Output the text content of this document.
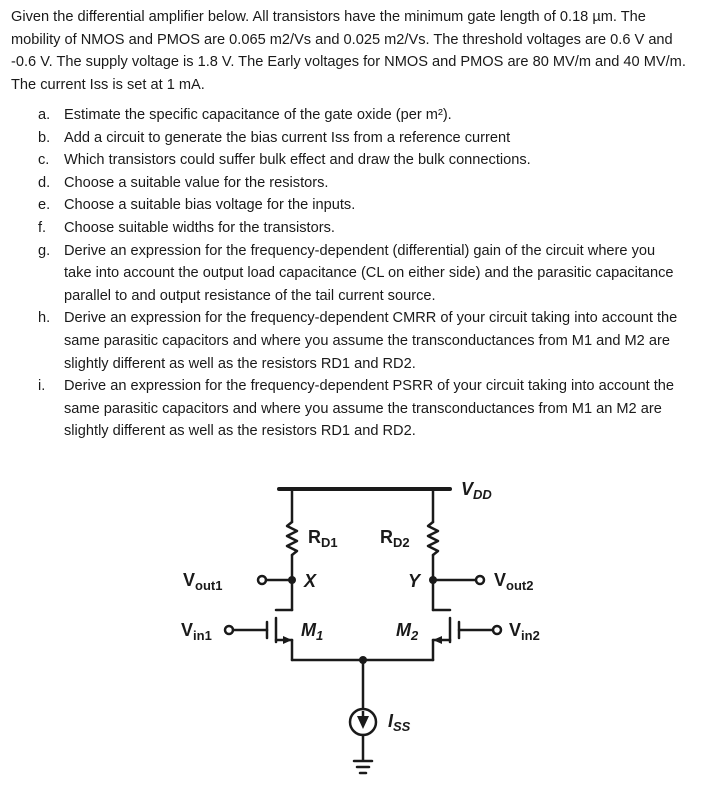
Given the differential amplifier below. All transistors have the minimum gate length of 0.18 µm. The mobility of NMOS and PMOS are 0.065 m2/Vs and 0.025 m2/Vs. The threshold voltages are 0.6 V and -0.6 V. The supply voltage is 1.8 V. The Early voltages for NMOS and PMOS are 80 MV/m and 40 MV/m. The current Iss is set at 1 mA.

a. Estimate the specific capacitance of the gate oxide (per m²).
b. Add a circuit to generate the bias current Iss from a reference current
c. Which transistors could suffer bulk effect and draw the bulk connections.
d. Choose a suitable value for the resistors.
e. Choose a suitable bias voltage for the inputs.
f. Choose suitable widths for the transistors.
g. Derive an expression for the frequency-dependent (differential) gain of the circuit where you take into account the output load capacitance (CL on either side) and the parasitic capacitance parallel to and output resistance of the tail current source.
h. Derive an expression for the frequency-dependent CMRR of your circuit taking into account the same parasitic capacitors and where you assume the transconductances from M1 and M2 are slightly different as well as the resistors RD1 and RD2.
i. Derive an expression for the frequency-dependent PSRR of your circuit taking into account the same parasitic capacitors and where you assume the transconductances from M1 an M2 are slightly different as well as the resistors RD1 and RD2.
$V_{DD}$
$R_{D1}$ $R_{D2}$
$V_{out1}$	$V_{out2}$
X	Y
$V_{in1}$	$V_{in2}$
$M_1$	$M_2$
$I_{SS}$
